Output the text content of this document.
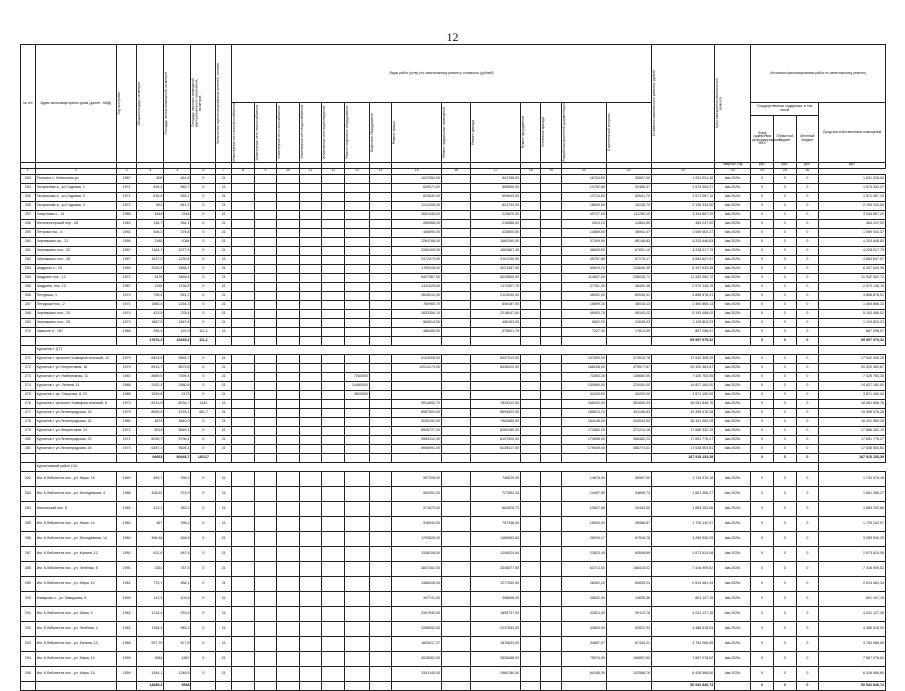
12
№ п/п	Адрес многоквартирного дома (далее - МКД)	Год постройки	Общая площадь, кв.метров	Площадь жилых помещений, кв.метров	Площадь нежилых помещений функционального назначения, кв.метров	Количество зарегистрированных жителей, человек	Виды работ (услуг) по капитальному ремонту, стоимость (рублей)														Стоимость капитального ремонта, рублей	Срок завершения капитального ремонта	Источники финансирования работ по капитальному ремонту			

							Инженерные сети электроснабжения	Инженерные сети теплоснабжения	Инженерные сети газоснабжения	Инженерные сети водоснабжения	Инженерные сети водоотведения	Ремонт лифтового оборудования	Лифтовое оборудование	Ремонт крыши	Ремонт подвальных помещений	Ремонт фасада	Ремонт фундамента	Утепление фасада	Разработка проектной документации	Строительный контроль			Государственная поддержка, в том числе			Средства собственников помещений
																							Фонд содействия реформированию ЖКХ	Областной бюджет	Местный бюджет	
																						квартал, год	руб.	руб.	руб.	руб.
1	2	3	4	5	6	7	8	9	10	11	12	13	14	15	16	17	18	19	20	21	22	23	24	25	26	
253	Рыльска с. Ленинская ул.	1967	509	461,8	0	21								1022554,00		841768,00			16764,00	36597,00	1 931 021,30	4кв.2020г.	0	0	0	1 831 026,00
254	Гагаринова а., ул.Садовая, 1	1971	616,3	562,7	0	21								626071,00		598859,00			13762,80	52465,37	1 574 354,27	4кв.2020г.	0	0	0	1 574 354,27
255	Гагаринова а., ул.Садовая, 2	1971	615,6	555,1	0	21								603640,00		609643,00			13714,80	52641,70	1 571 067,10	4кв.2020г.	0	0	0	1 571 067,10
256	Гагаринова а., ул.Садовая, 3	1972	892	841,1	0	21								1131208,00		821734,00			18649,50	44135,70	2 195 334,50	4кв.2020г.	0	0	0	2 195 334,50
257	Хомутовка с., 14	1986	3446	3346	0	21								2651445,00		224870,00			49727,00	111250,10	3 344 867,20	4кв.2020г.	0	0	0	3 344 867,20
258	Железногорский пер., 28	1963	136,7	264,1	0	21								280568,00		216588,00			4313,10	12864,50	484 247,00	4кв.2020г.	0	0	0	484 247,00
259	Петрова пос., 4	1951	406,2	376,8	0	21								446590,00		433600,00			13889,50	36941,47	1 069 003,37	4кв.2020г.	0	0	0	1 069 003,37
260	Черемшино ул., 21	1956	1185	1084	0	21								2264768,00		1660390,00			37409,90	86146,83	4 203 646,83	4кв.2020г.	0	0	0	4 203 646,83
261	Черемшино пос., 32	1957	1184,7	1077,5	0	21								2260409,00		1663867,40			38690,00	67831,10	4 228 017,79	4кв.2020г.	0	0	0	4 228 017,79
262	Черемшино пос., 35	1957	1017,2	1230,8	0	21								2372473,00		2101230,00			45767,80	67175,17	4 684 647,57	4кв.2020г.	0	0	0	4 684 647,57
263	Шадрино с., 15	1959	2025,9	1858,1	0	21								1769116,00		4221987,00			80619,70	134646,35	6 347 643,35	4кв.2020г.	0	0	0	6 347 643,35
264	Шадрино пос., 12	1972	3478	3465,4	0	21								5407567,00		6025859,00			114607,00	236026,72	11 932 062,72	4кв.2020г.	0	0	0	11 932 062,72
265	Шадрино, пос. 13	1987	1265	1136,5	0	21								1411025,00		1172007,70			27301,30	48400,48	2 570 145,76	4кв.2020г.	0	0	0	2 570 145,76
266	Петрушки, 1	1974	798,4	651,2	0	21								2628010,00		2124030,00			46902,00	69936,01	4 868 878,01	4кв.2020г.	0	0	0	4 868 878,01
267	Петрушки пос., 2	1971	1565,4	1254,3	0	21								760960,70		646187,00			15699,30	38018,13	1 460 865,13	4кв.2020г.	0	0	0	1 460 865,13
268	Черемшино пос., 20	1974	423,5	378,4	0	21								2833354,10		2218047,00			46903,70	95163,22	5 193 468,02	4кв.2020г.	0	0	0	5 193 468,02
269	Черемшино пос., 25	1973	1867,9	1667,6	0	21								560614,00		496163,00			9692,30	24045,03	1 109 803,23	4кв.2020г.	0	0	0	1 109 803,23
270	Замосье п., 187	1965	295,4	191,5	111,2	21								486496,00		375601,70			7227,30	17813,59	887 298,57	4кв.2020г.	0	0	0	887 298,57
			17876,2	16335,2	111,2																65 997 979,32		0	0	0	65 997 979,32
	Курчатов г. (17)																									
271	Курчатов г. проспект Коммунистический, 12	1979	6424,5	5665,7	0	21								9124006,00		8307912,00			167690,00	372610,78	17 942 308,29	4кв.2020г.	0	0	0	17 942 308,29
272	Курчатов г. ул.Энергетиков, 18	1979	8914,7	8675,6	0	21								12014173,00		8436022,00			188208,00	379577,87	20 320 483,87	4кв.2020г.	0	0	0	20 320 483,87
273	Курчатов г. ул. Набережная, 11	1987	8669,5	7399,4	0	21						7263000							71893,35	136680,00	7 426 763,35	4кв.2020г.	0	0	0	7 426 763,35
274	Курчатов г. ул. Ленина, 11	1988	2932,4	2480,8	0	21						14460000							150960,00	220000,00	14 827 160,00	4кв.2020г.	0	0	0	14 827 160,00
275	Курчатов г. пр. Говорова, 8, 22	1985	3299,8	3173	0	21						3800000							31000,00	40200,00	3 871 160,00	4кв.2020г.	0	0	0	3 871 160,00
276	Курчатов г. проспект Коммунистический, 8	1973	8131,9	8034,7	1442	21								9914652,70		7825312,00			168332,00	381650,33	18 061 846,76	4кв.2020г.	0	0	0	18 061 846,76
277	Курчатов г. ул.Ленинградская, 15	1979	8505,6	4378,1	461,7	21								8587500,00		8594522,00			185574,70	401156,83	19 398 576,28	4кв.2020г.	0	0	0	19 398 576,28
278	Курчатов г. ул.Ленинградская, 16	1980	4874	3840,9	0	21								9230100,00		7962889,00			164148,00	344043,53	16 441 983,28	4кв.2020г.	0	0	0	16 441 983,28
279	Курчатов г. ул.Энергетиков, 21	1971	5914	5645,1	0	21								8906727,00		8269180,00			172852,20	371214,16	17 686 332,15	4кв.2020г.	0	0	0	17 686 332,15
280	Курчатов г. ул.Ленинградская, 22	1971	6035,7	5796,4	0	21								8964112,00		8197520,00			173656,00	368482,23	17 651 776,27	4кв.2020г.	0	0	0	17 651 776,27
281	Курчатов г. ул.Ленинградская, 26	1974	6287,1	5626,1	0	21								8956991,00		8135417,00			179549,40	366774,01	17 638 553,81	4кв.2020г.	0	0	0	17 638 553,81
			94663	90448,7	1813,7																187 515 153,39		0	0	0	187 515 153,39
	Курчатовский район (14)																									
282	Им. К.Либкнехта пос., ул. Мира, 15	1960	450,7	396,1	0	21								997206,00		746520,00			14878,00	36597,00	1 734 376,18	4кв.2020г.	0	0	0	1 734 376,18
283	Им. К.Либкнехта пос., ул. Молодёжная, 4	1988	426,53	374,9	0	21								954351,00		727853,34			14497,59	34659,74	1 661 365,27	4кв.2020г.	0	0	0	1 661 365,27
284	Никольский пос. 8	1960	413,1	383,2	0	21								971673,00		664526,72			13627,68	33444,05	1 683 153,86	4кв.2020г.	0	0	0	1 683 153,86
285	Им. К.Либкнехта пос., ул. Мира, 14	1960	467	398,2	0	21								916940,00		797348,00			15004,00	35986,87	1 725 142,97	4кв.2020г.	0	0	0	1 725 142,97
286	Им. К.Либкнехта пос., ул. Молодёжная, 14	1960	498,48	458,8	0	21								1793526,00		1489653,84			28039,17	67516,78	3 289 930,29	4кв.2020г.	0	0	0	3 289 930,29
287	Им. К.Либкнехта пос., ул. Калина, 12	1991	612,6	587,4	0	21								1338108,00		1249024,84			23823,45	63908,69	2 673 624,08	4кв.2020г.	0	0	0	2 673 624,08
288	Им. К.Либкнехта пос., ул. Зелёная, 5	1991	1351	787,5	0	21								3847402,00		3345877,50			64713,00	158415,02	7 416 909,52	4кв.2020г.	0	0	0	7 416 909,52
289	Им. К.Либкнехта пос., ул. Мира, 10	1961	770,7	486,1	0	21								1386416,00		1277040,50			28402,10	60839,24	2 614 481,34	4кв.2020г.	0	0	0	2 614 481,34
290	Макарово с., ул. Заводская, 5	1955	112,4	103,6	0	21								347741,00		398658,00			35632,00	13835,36	801 107,15	4кв.2020г.	0	0	0	801 107,15
291	Им. К.Либкнехта пос., ул. Мира, 4	1962	1215,4	933,9	0	21								2347540,00		1895737,00			42813,00	99113,78	4 031 127,35	4кв.2020г.	0	0	0	4 031 127,35
292	Им. К.Либкнехта пос., ул. Зелёная, 4	1962	1168,3	983,1	0	21								2268052,00		2237653,00			44800,00	93922,93	4 486 518,93	4кв.2020г.	0	0	0	4 486 518,93
293	Им. К.Либкнехта пос., ул. Калина, 13	1965	937,79	877,8	0	21								1825017,37		1876633,00			34867,07	87443,21	3 754 066,65	4кв.2020г.	0	0	0	3 754 066,65
294	Им. К.Либкнехта пос., ул. Мира, 13	1959	1584	1367	0	21								4028061,00		3526488,00			75074,00	166857,62	7 667 078,62	4кв.2020г.	0	0	0	7 667 078,62
295	Им. К.Либкнехта пос., ул. Мира, 15	1959	1544,1	1348,5	0	21								3341145,00		2984780,50			64185,39	132588,76	6 426 585,60	4кв.2020г.	0	0	0	6 426 585,60
			14685,3	5538																	50 942 846,74		0	0	0	50 942 846,74
